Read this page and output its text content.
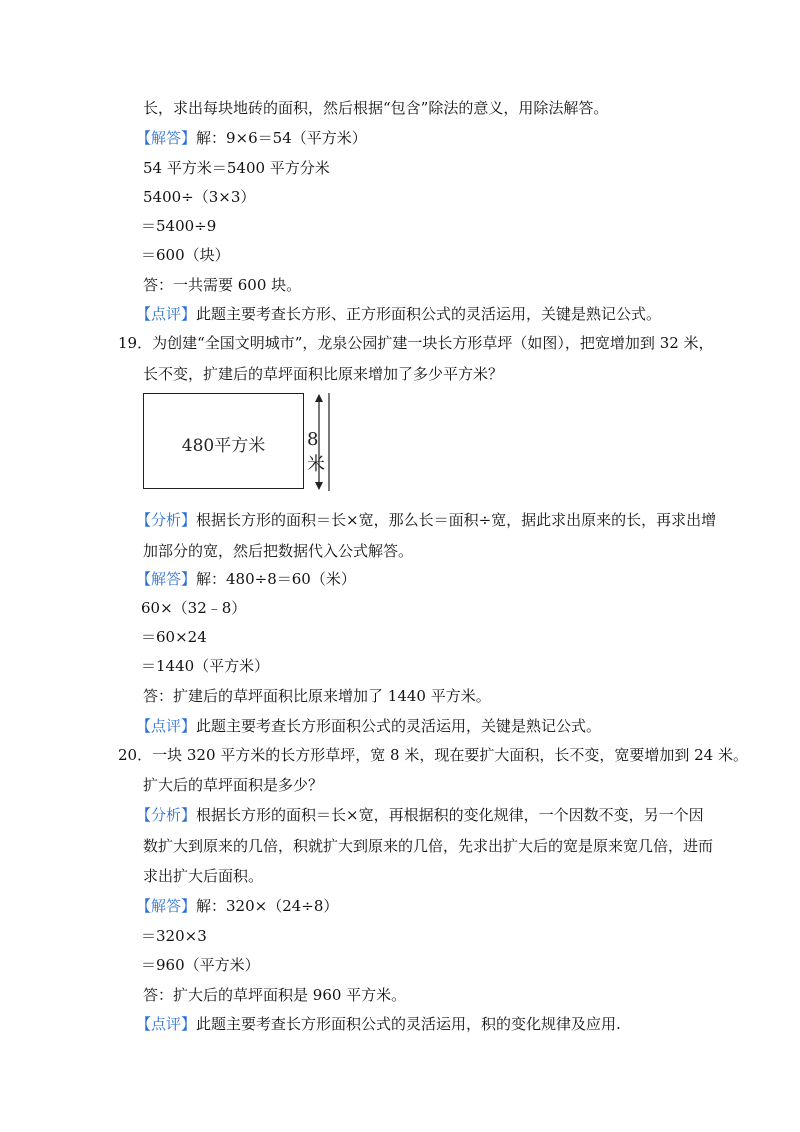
长，求出每块地砖的面积，然后根据“包含”除法的意义，用除法解答。
【解答】解：9×6＝54（平方米）
54 平方米＝5400 平方分米
5400÷（3×3）
＝5400÷9
＝600（块）
答：一共需要 600 块。
【点评】此题主要考查长方形、正方形面积公式的灵活运用，关键是熟记公式。
19．为创建“全国文明城市”，龙泉公园扩建一块长方形草坪（如图），把宽增加到 32 米，
长不变，扩建后的草坪面积比原来增加了多少平方米？
480平方米	8米
【分析】根据长方形的面积＝长×宽，那么长＝面积÷宽，据此求出原来的长，再求出增
加部分的宽，然后把数据代入公式解答。
【解答】解：480÷8＝60（米）
60×（32﹣8）
＝60×24
＝1440（平方米）
答：扩建后的草坪面积比原来增加了 1440 平方米。
【点评】此题主要考查长方形面积公式的灵活运用，关键是熟记公式。
20．一块 320 平方米的长方形草坪，宽 8 米，现在要扩大面积，长不变，宽要增加到 24 米。
扩大后的草坪面积是多少？
【分析】根据长方形的面积＝长×宽，再根据积的变化规律，一个因数不变，另一个因
数扩大到原来的几倍，积就扩大到原来的几倍，先求出扩大后的宽是原来宽几倍，进而
求出扩大后面积。
【解答】解：320×（24÷8）
＝320×3
＝960（平方米）
答：扩大后的草坪面积是 960 平方米。
【点评】此题主要考查长方形面积公式的灵活运用，积的变化规律及应用.
